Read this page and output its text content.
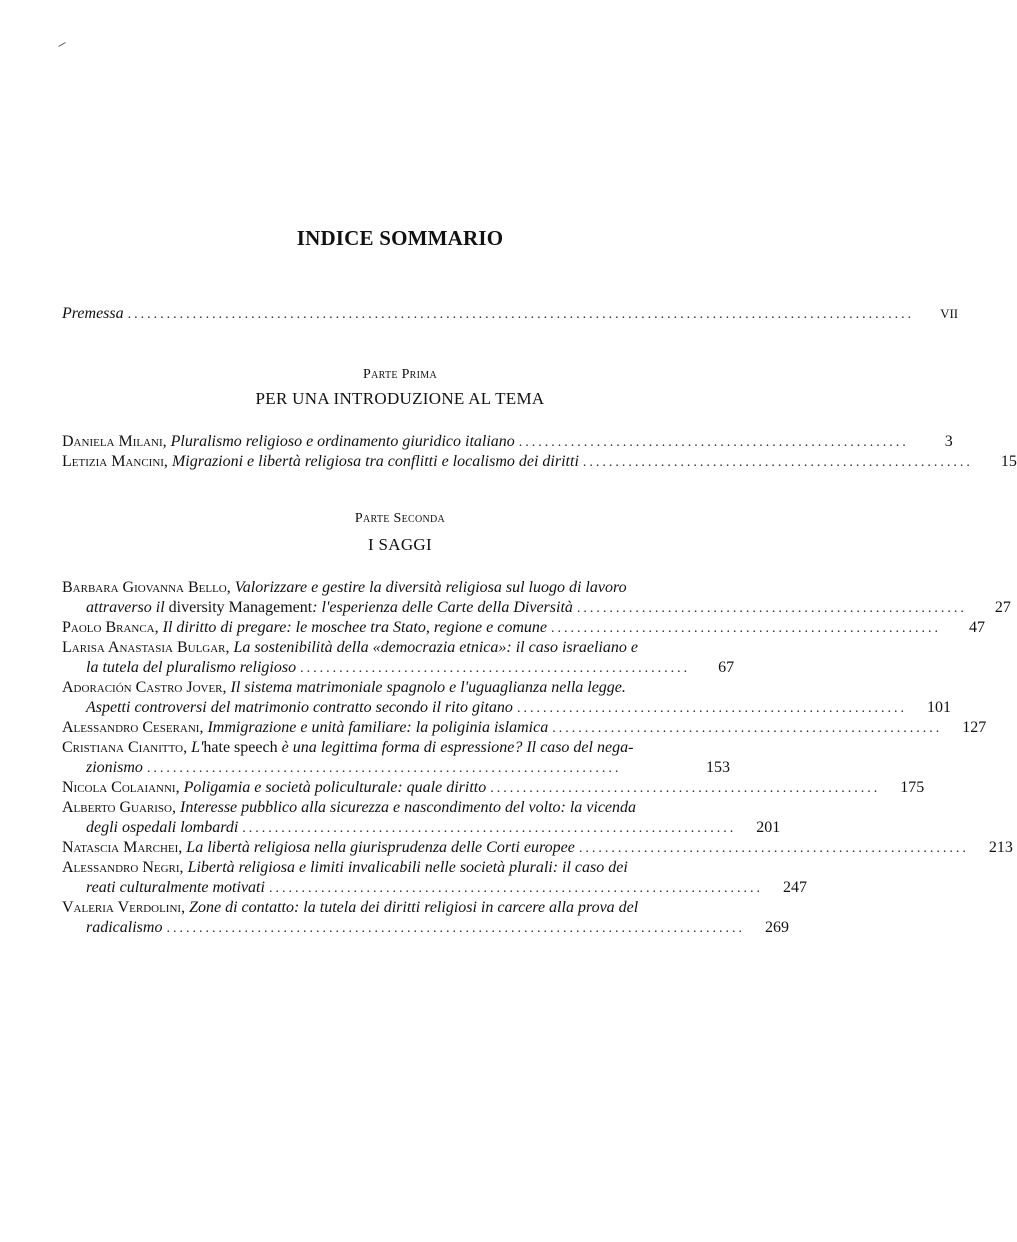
INDICE SOMMARIO
Premessa .........................................................................................................................	VII
Parte Prima
PER UNA INTRODUZIONE AL TEMA
Daniela Milani, Pluralismo religioso e ordinamento giuridico italiano ............................................................	3
Letizia Mancini, Migrazioni e libertà religiosa tra conflitti e localismo dei diritti ............................................................	15
Parte Seconda
I SAGGI
Barbara Giovanna Bello, Valorizzare e gestire la diversità religiosa sul luogo di lavoro
attraverso il diversity Management: l'esperienza delle Carte della Diversità ............................................................	27
Paolo Branca, Il diritto di pregare: le moschee tra Stato, regione e comune ............................................................	47
Larisa Anastasia Bulgar, La sostenibilità della «democrazia etnica»: il caso israeliano e
la tutela del pluralismo religioso ............................................................	67
Adoración Castro Jover, Il sistema matrimoniale spagnolo e l'uguaglianza nella legge.
Aspetti controversi del matrimonio contratto secondo il rito gitano ............................................................	101
Alessandro Ceserani, Immigrazione e unità familiare: la poliginia islamica ............................................................	127
Cristiana Cianitto, L'hate speech è una legittima forma di espressione? Il caso del nega-
zionismo .........................................................................	153
Nicola Colaianni, Poligamia e società policulturale: quale diritto ............................................................	175
Alberto Guariso, Interesse pubblico alla sicurezza e nascondimento del volto: la vicenda
degli ospedali lombardi ............................................................................	201
Natascia Marchei, La libertà religiosa nella giurisprudenza delle Corti europee ............................................................	213
Alessandro Negri, Libertà religiosa e limiti invalicabili nelle società plurali: il caso dei
reati culturalmente motivati ............................................................................	247
Valeria Verdolini, Zone di contatto: la tutela dei diritti religiosi in carcere alla prova del
radicalismo .........................................................................................	269
